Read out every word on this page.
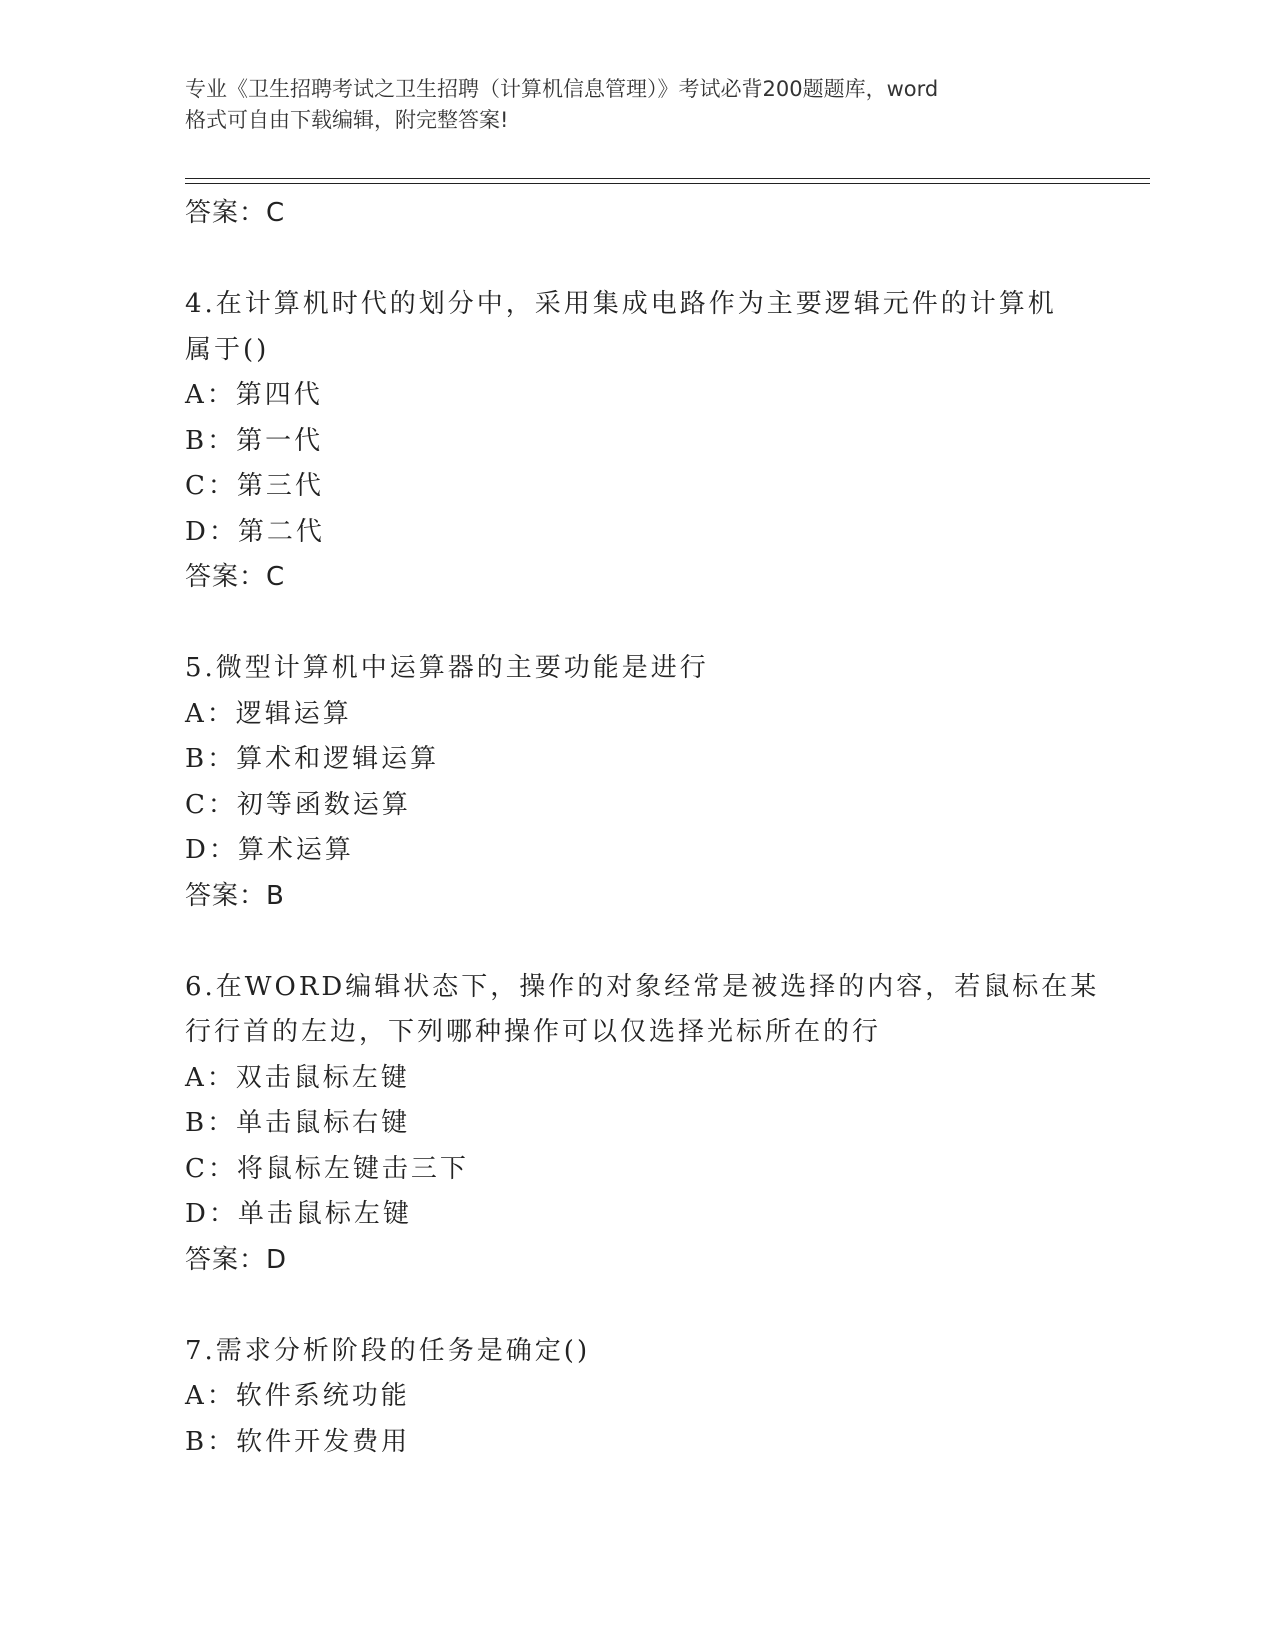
专业《卫生招聘考试之卫生招聘（计算机信息管理）》考试必背200题题库，word
格式可自由下载编辑，附完整答案!
答案：C
4.在计算机时代的划分中，采用集成电路作为主要逻辑元件的计算机
属于()
A：第四代
B：第一代
C：第三代
D：第二代
答案：C
5.微型计算机中运算器的主要功能是进行
A：逻辑运算
B：算术和逻辑运算
C：初等函数运算
D：算术运算
答案：B
6.在WORD编辑状态下，操作的对象经常是被选择的内容，若鼠标在某
行行首的左边，下列哪种操作可以仅选择光标所在的行
A：双击鼠标左键
B：单击鼠标右键
C：将鼠标左键击三下
D：单击鼠标左键
答案：D
7.需求分析阶段的任务是确定()
A：软件系统功能
B：软件开发费用
